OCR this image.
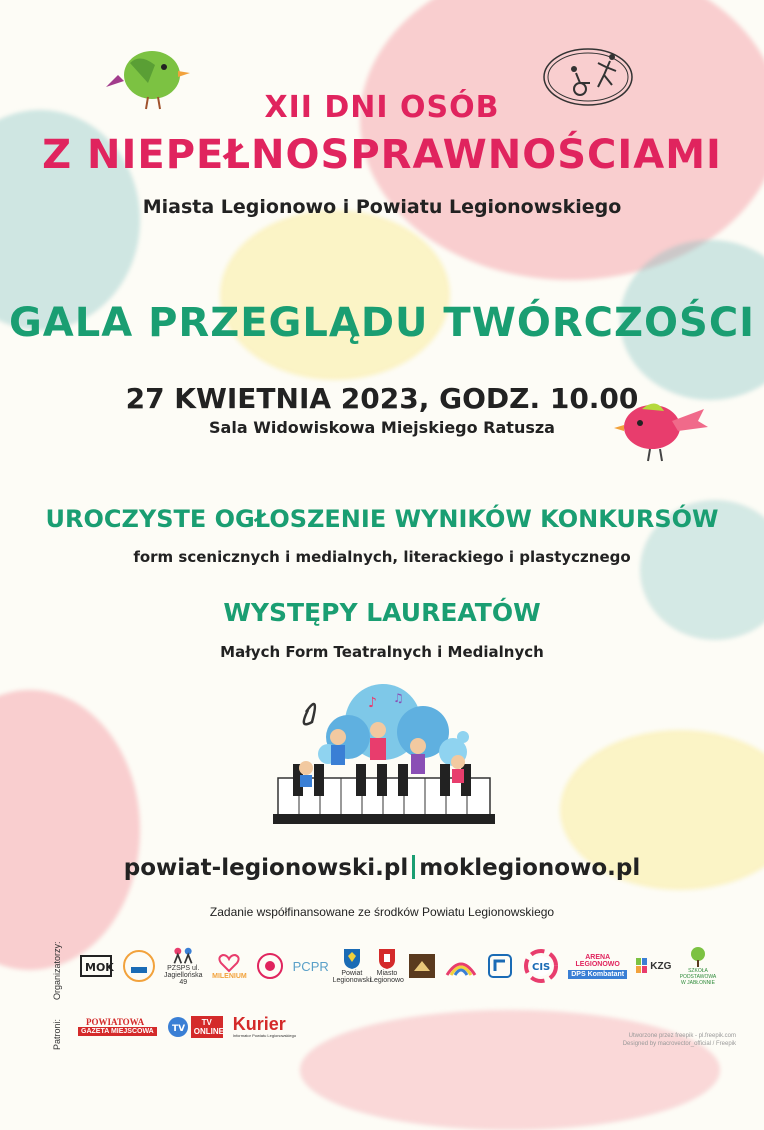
XII DNI OSÓB
Z NIEPEŁNOSPRAWNOŚCIAMI
Miasta Legionowo i Powiatu Legionowskiego
GALA PRZEGLĄDU TWÓRCZOŚCI
27 KWIETNIA 2023, GODZ. 10.00
Sala Widowiskowa Miejskiego Ratusza
UROCZYSTE OGŁOSZENIE WYNIKÓW KONKURSÓW
form scenicznych i medialnych, literackiego i plastycznego
WYSTĘPY LAUREATÓW
Małych Form Teatralnych i Medialnych
♪ ♫
powiat-legionowski.pl moklegionowo.pl
Zadanie współfinansowane ze środków Powiatu Legionowskiego
Organizatorzy:
Patroni:
MOK	PZSPS ul. Jagiellońska 49
MILENIUM
PCPR	Powiat Legionowski
Miasto Legionowo
CIS
ARENA LEGIONOWO
DPS Kombatant
KZG	SZKOŁA PODSTAWOWA W JABŁONNIE
POWIATOWA
GAZETA MIEJSCOWA	TV
TV ONLINE Kurier
Informator Powiatu Legionowskiego	Utworzone przez freepik - pl.freepik.com
Designed by macrovector_official / Freepik
